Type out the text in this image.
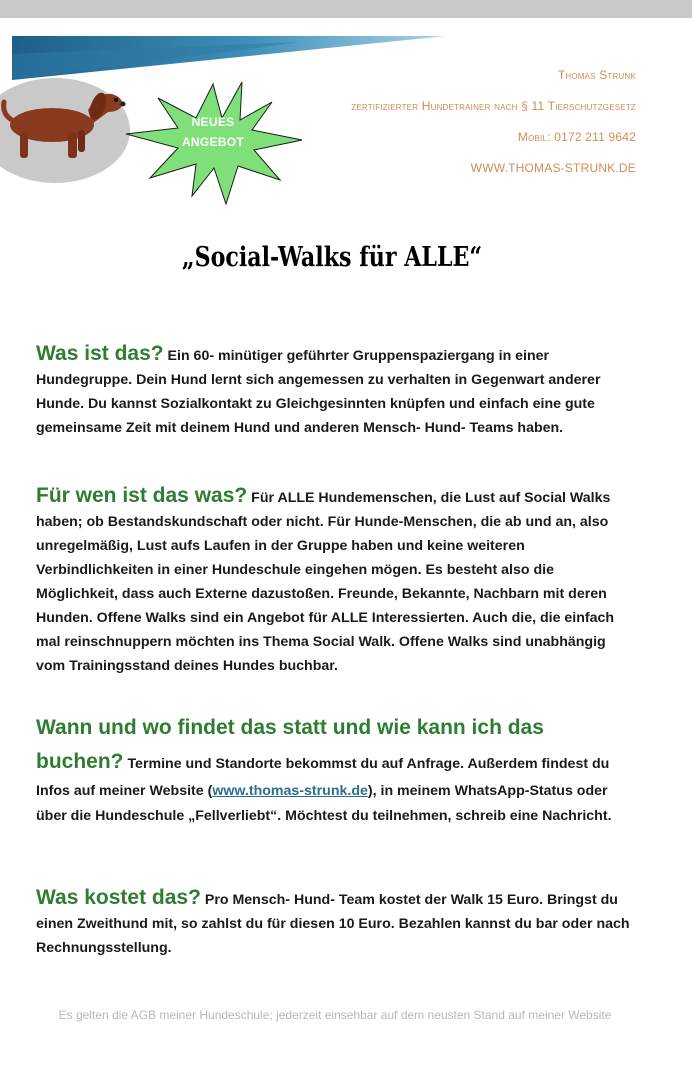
NEUES
ANGEBOT
Thomas Strunk
zertifizierter Hundetrainer nach § 11 Tierschutzgesetz
Mobil: 0172 211 9642
WWW.THOMAS-STRUNK.DE
„Social-Walks für ALLE“
Was ist das? Ein 60- minütiger geführter Gruppenspaziergang in einer Hundegruppe. Dein Hund lernt sich angemessen zu verhalten in Gegenwart anderer Hunde. Du kannst Sozialkontakt zu Gleichgesinnten knüpfen und einfach eine gute gemeinsame Zeit mit deinem Hund und anderen Mensch- Hund- Teams haben.
Für wen ist das was? Für ALLE Hundemenschen, die Lust auf Social Walks haben; ob Bestandskundschaft oder nicht. Für Hunde-Menschen, die ab und an, also unregelmäßig, Lust aufs Laufen in der Gruppe haben und keine weiteren Verbindlichkeiten in einer Hundeschule eingehen mögen. Es besteht also die Möglichkeit, dass auch Externe dazustoßen. Freunde, Bekannte, Nachbarn mit deren Hunden. Offene Walks sind ein Angebot für ALLE Interessierten. Auch die, die einfach mal reinschnuppern möchten ins Thema Social Walk. Offene Walks sind unabhängig vom Trainingsstand deines Hundes buchbar.
Wann und wo findet das statt und wie kann ich das buchen? Termine und Standorte bekommst du auf Anfrage. Außerdem findest du Infos auf meiner Website (www.thomas-strunk.de), in meinem WhatsApp-Status oder über die Hundeschule „Fellverliebt“. Möchtest du teilnehmen, schreib eine Nachricht.
Was kostet das? Pro Mensch- Hund- Team kostet der Walk 15 Euro. Bringst du einen Zweithund mit, so zahlst du für diesen 10 Euro. Bezahlen kannst du bar oder nach Rechnungsstellung.
Es gelten die AGB meiner Hundeschule; jederzeit einsehbar auf dem neusten Stand auf meiner Website
